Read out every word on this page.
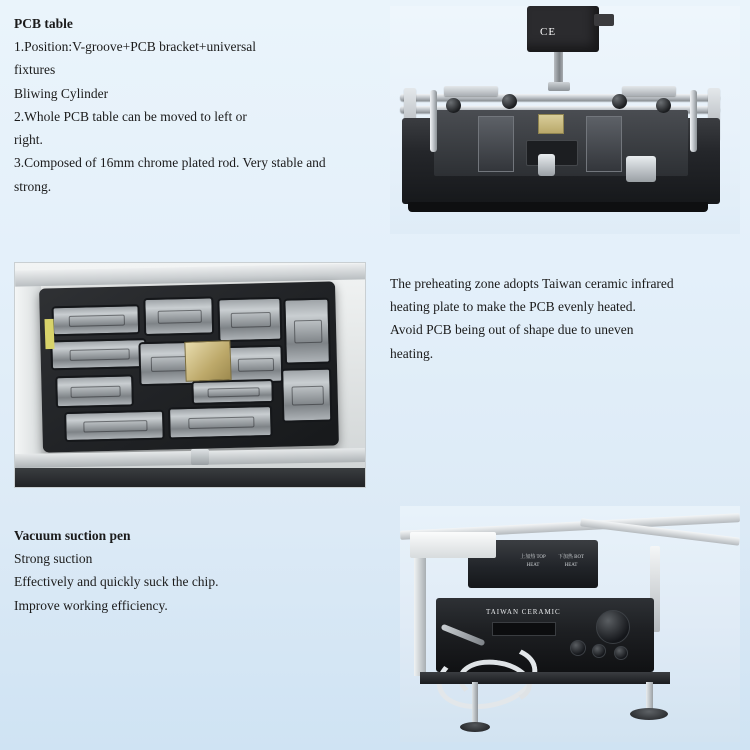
PCB table
1.Position:V-groove+PCB bracket+universal
fixtures
Bliwing Cylinder
2.Whole PCB table can be moved to left or
right.
3.Composed of 16mm chrome plated rod. Very stable and
strong.
CE
The preheating zone adopts Taiwan ceramic infrared
heating plate to make the PCB evenly heated.
Avoid PCB being out of shape due to uneven
heating.
Vacuum suction pen
Strong suction
Effectively and quickly suck the chip.
Improve working efficiency.
上加热 TOP HEAT
下加热 BOT HEAT
TAIWAN CERAMIC
